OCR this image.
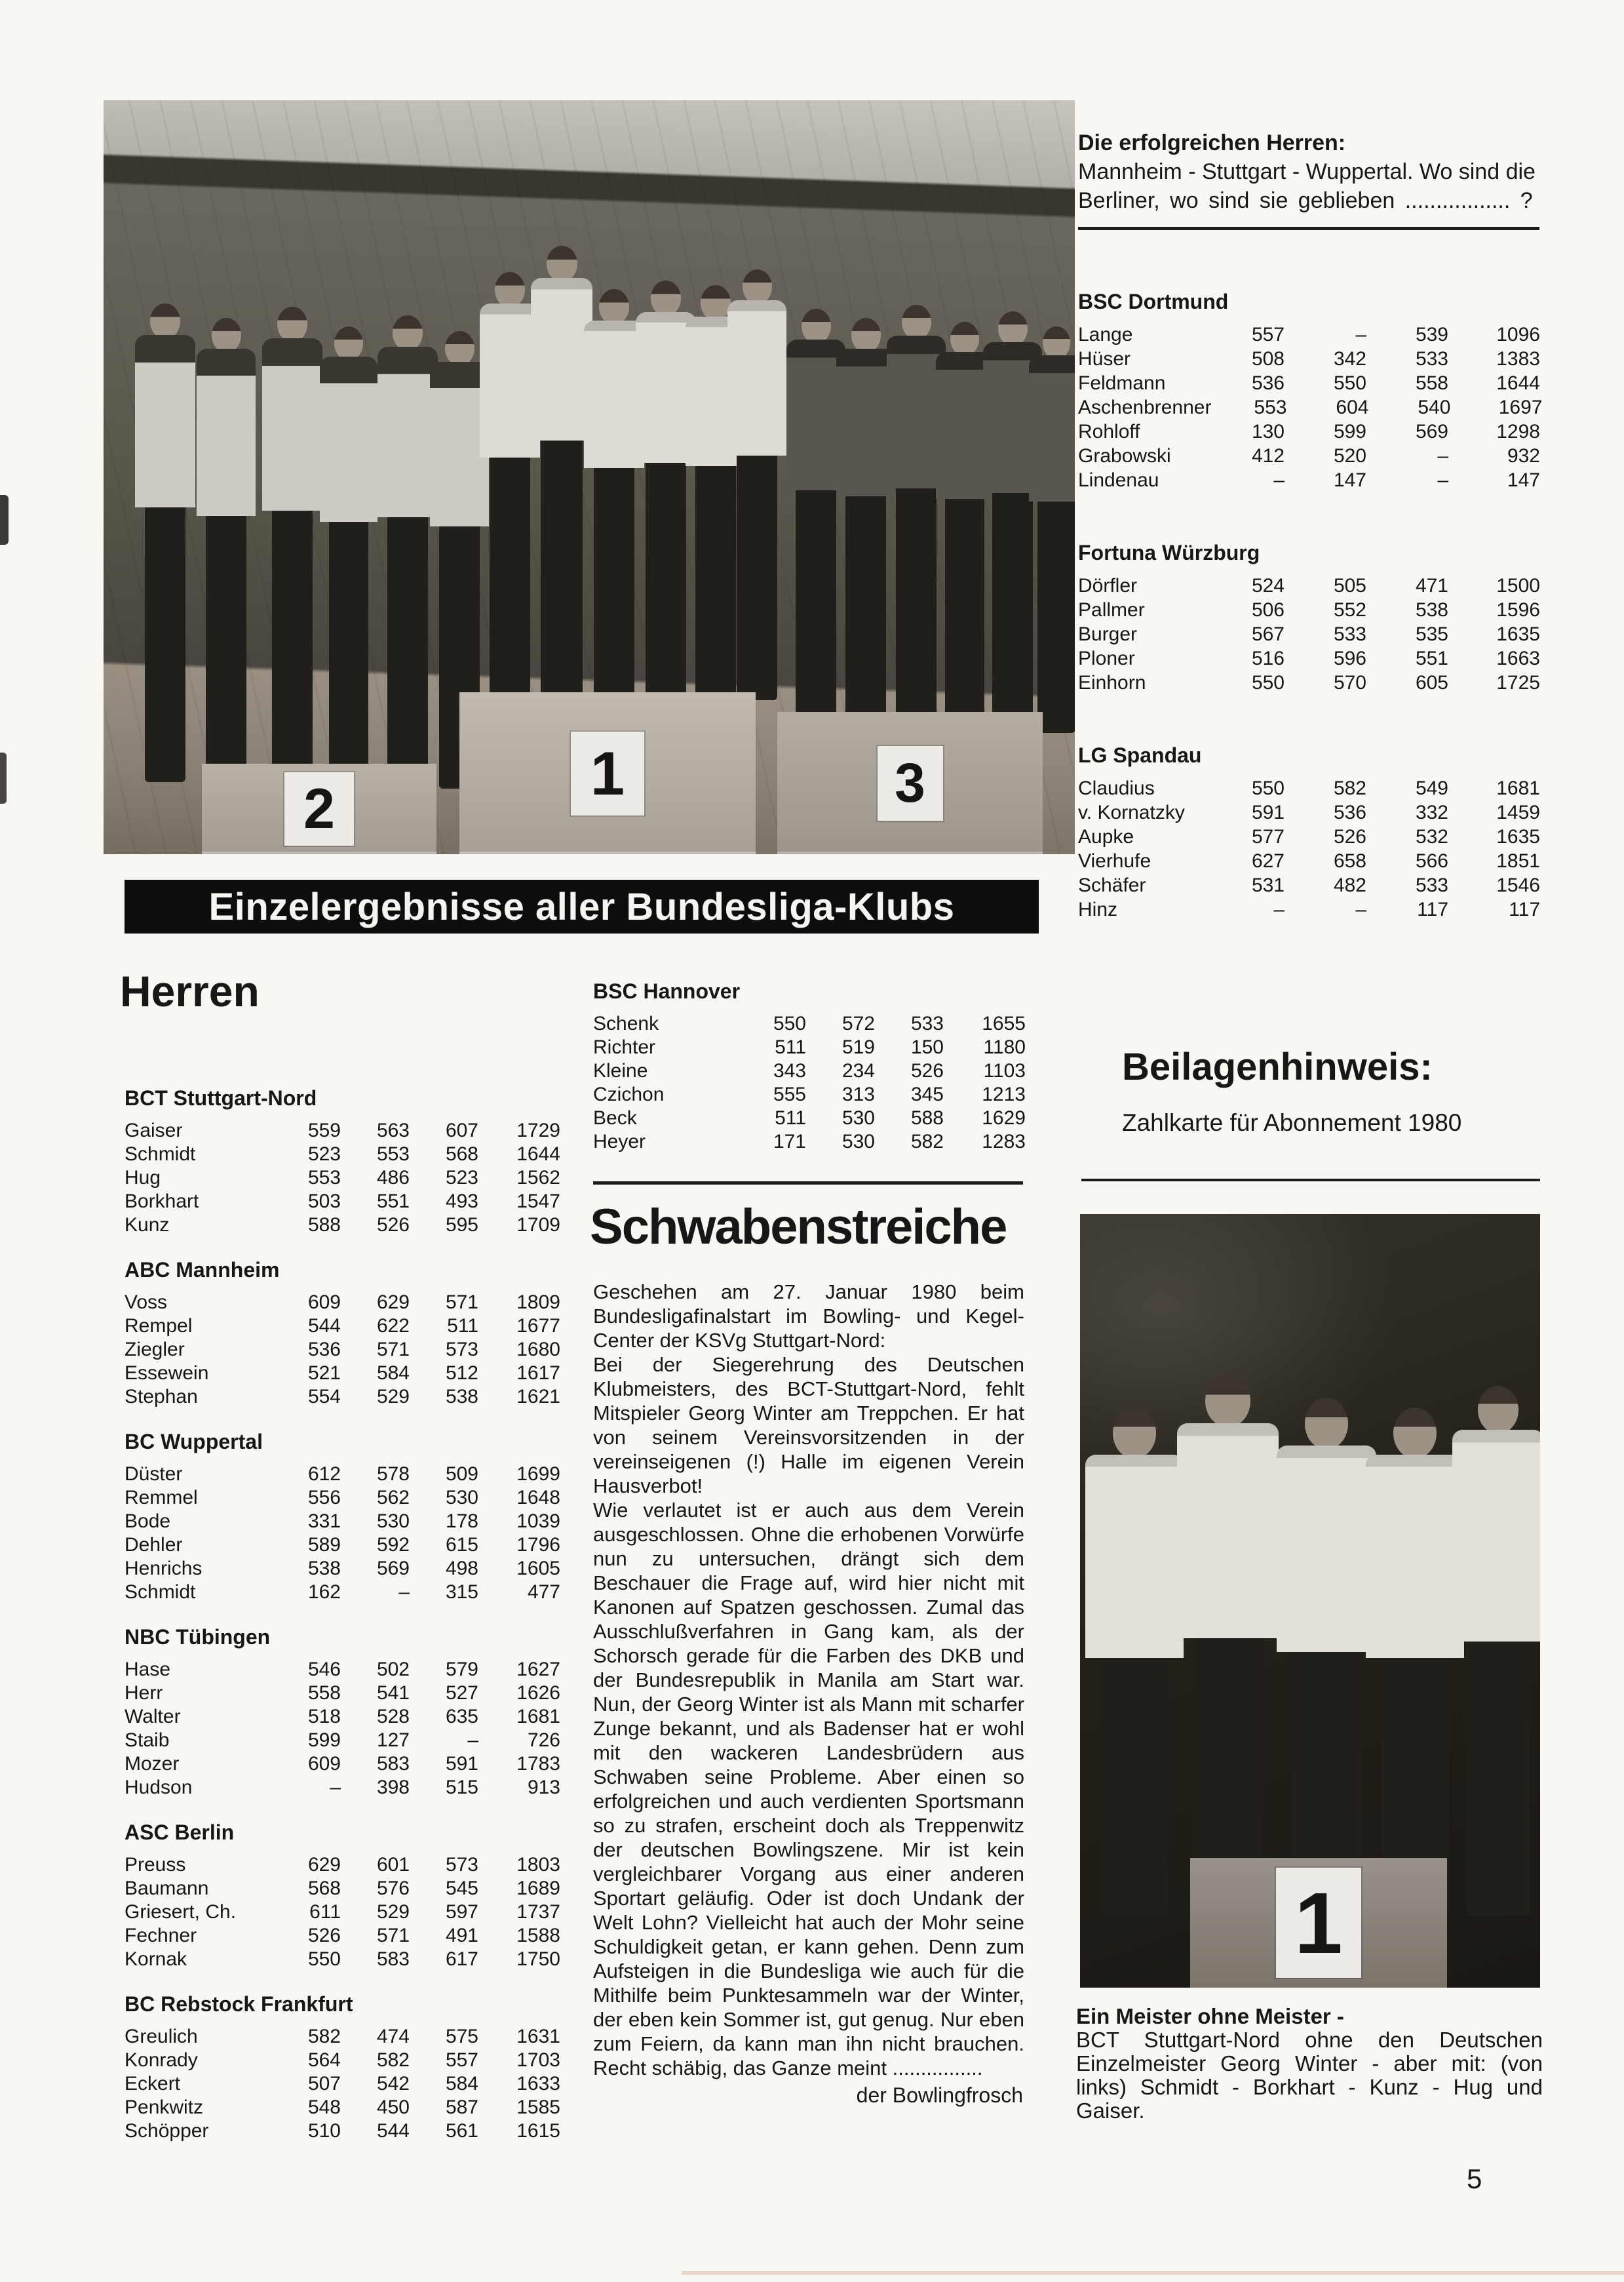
2
1	3
Die erfolgreichen Herren:
Mannheim - Stuttgart - Wuppertal. Wo sind die
Berliner, wo sind sie geblieben ................. ?
BSC Dortmund
Lange	557	–	539	1096
Hüser	508	342	533	1383
Feldmann	536	550	558	1644
Aschenbrenner	553	604	540	1697
Rohloff	130	599	569	1298
Grabowski	412	520	–	932
Lindenau	–	147	–	147
Fortuna Würzburg
Dörfler	524	505	471	1500
Pallmer	506	552	538	1596
Burger	567	533	535	1635
Ploner	516	596	551	1663
Einhorn	550	570	605	1725
LG Spandau
Claudius	550	582	549	1681
v. Kornatzky	591	536	332	1459
Aupke	577	526	532	1635
Vierhufe	627	658	566	1851
Schäfer	531	482	533	1546
Hinz	–	–	117	117
Einzelergebnisse aller Bundesliga-Klubs
Herren
BCT Stuttgart-Nord
Gaiser	559	563	607	1729
Schmidt	523	553	568	1644
Hug	553	486	523	1562
Borkhart	503	551	493	1547
Kunz	588	526	595	1709
ABC Mannheim
Voss	609	629	571	1809
Rempel	544	622	511	1677
Ziegler	536	571	573	1680
Essewein	521	584	512	1617
Stephan	554	529	538	1621
BC Wuppertal
Düster	612	578	509	1699
Remmel	556	562	530	1648
Bode	331	530	178	1039
Dehler	589	592	615	1796
Henrichs	538	569	498	1605
Schmidt	162	–	315	477
NBC Tübingen
Hase	546	502	579	1627
Herr	558	541	527	1626
Walter	518	528	635	1681
Staib	599	127	–	726
Mozer	609	583	591	1783
Hudson	–	398	515	913
ASC Berlin
Preuss	629	601	573	1803
Baumann	568	576	545	1689
Griesert, Ch.	611	529	597	1737
Fechner	526	571	491	1588
Kornak	550	583	617	1750
BC Rebstock Frankfurt
Greulich	582	474	575	1631
Konrady	564	582	557	1703
Eckert	507	542	584	1633
Penkwitz	548	450	587	1585
Schöpper	510	544	561	1615
BSC Hannover
Schenk	550	572	533	1655
Richter	511	519	150	1180
Kleine	343	234	526	1103
Czichon	555	313	345	1213
Beck	511	530	588	1629
Heyer	171	530	582	1283
Schwabenstreiche

Geschehen am 27. Januar 1980 beim Bundesligafinalstart im Bowling- und Kegel-Center der KSVg Stuttgart-Nord:

Bei der Siegerehrung des Deutschen Klubmeisters, des BCT-Stuttgart-Nord, fehlt Mitspieler Georg Winter am Treppchen. Er hat von seinem Vereinsvorsitzenden in der vereinseigenen (!) Halle im eigenen Verein Hausverbot!

Wie verlautet ist er auch aus dem Verein ausgeschlossen. Ohne die erhobenen Vorwürfe nun zu untersuchen, drängt sich dem Beschauer die Frage auf, wird hier nicht mit Kanonen auf Spatzen geschossen. Zumal das Ausschlußverfahren in Gang kam, als der Schorsch gerade für die Farben des DKB und der Bundesrepublik in Manila am Start war. Nun, der Georg Winter ist als Mann mit scharfer Zunge bekannt, und als Badenser hat er wohl mit den wackeren Landesbrüdern aus Schwaben seine Probleme. Aber einen so erfolgreichen und auch verdienten Sportsmann so zu strafen, erscheint doch als Treppenwitz der deutschen Bowlingszene. Mir ist kein vergleichbarer Vorgang aus einer anderen Sportart geläufig. Oder ist doch Undank der Welt Lohn? Vielleicht hat auch der Mohr seine Schuldigkeit getan, er kann gehen. Denn zum Aufsteigen in die Bundesliga wie auch für die Mithilfe beim Punktesammeln war der Winter, der eben kein Sommer ist, gut genug. Nur eben zum Feiern, da kann man ihn nicht brauchen. Recht schäbig, das Ganze meint ................

der Bowlingfrosch
Beilagenhinweis:
Zahlkarte für Abonnement 1980
1
Ein Meister ohne Meister -
BCT Stuttgart-Nord ohne den Deutschen Einzelmeister Georg Winter - aber mit: (von links) Schmidt - Borkhart - Kunz - Hug und Gaiser.
5
